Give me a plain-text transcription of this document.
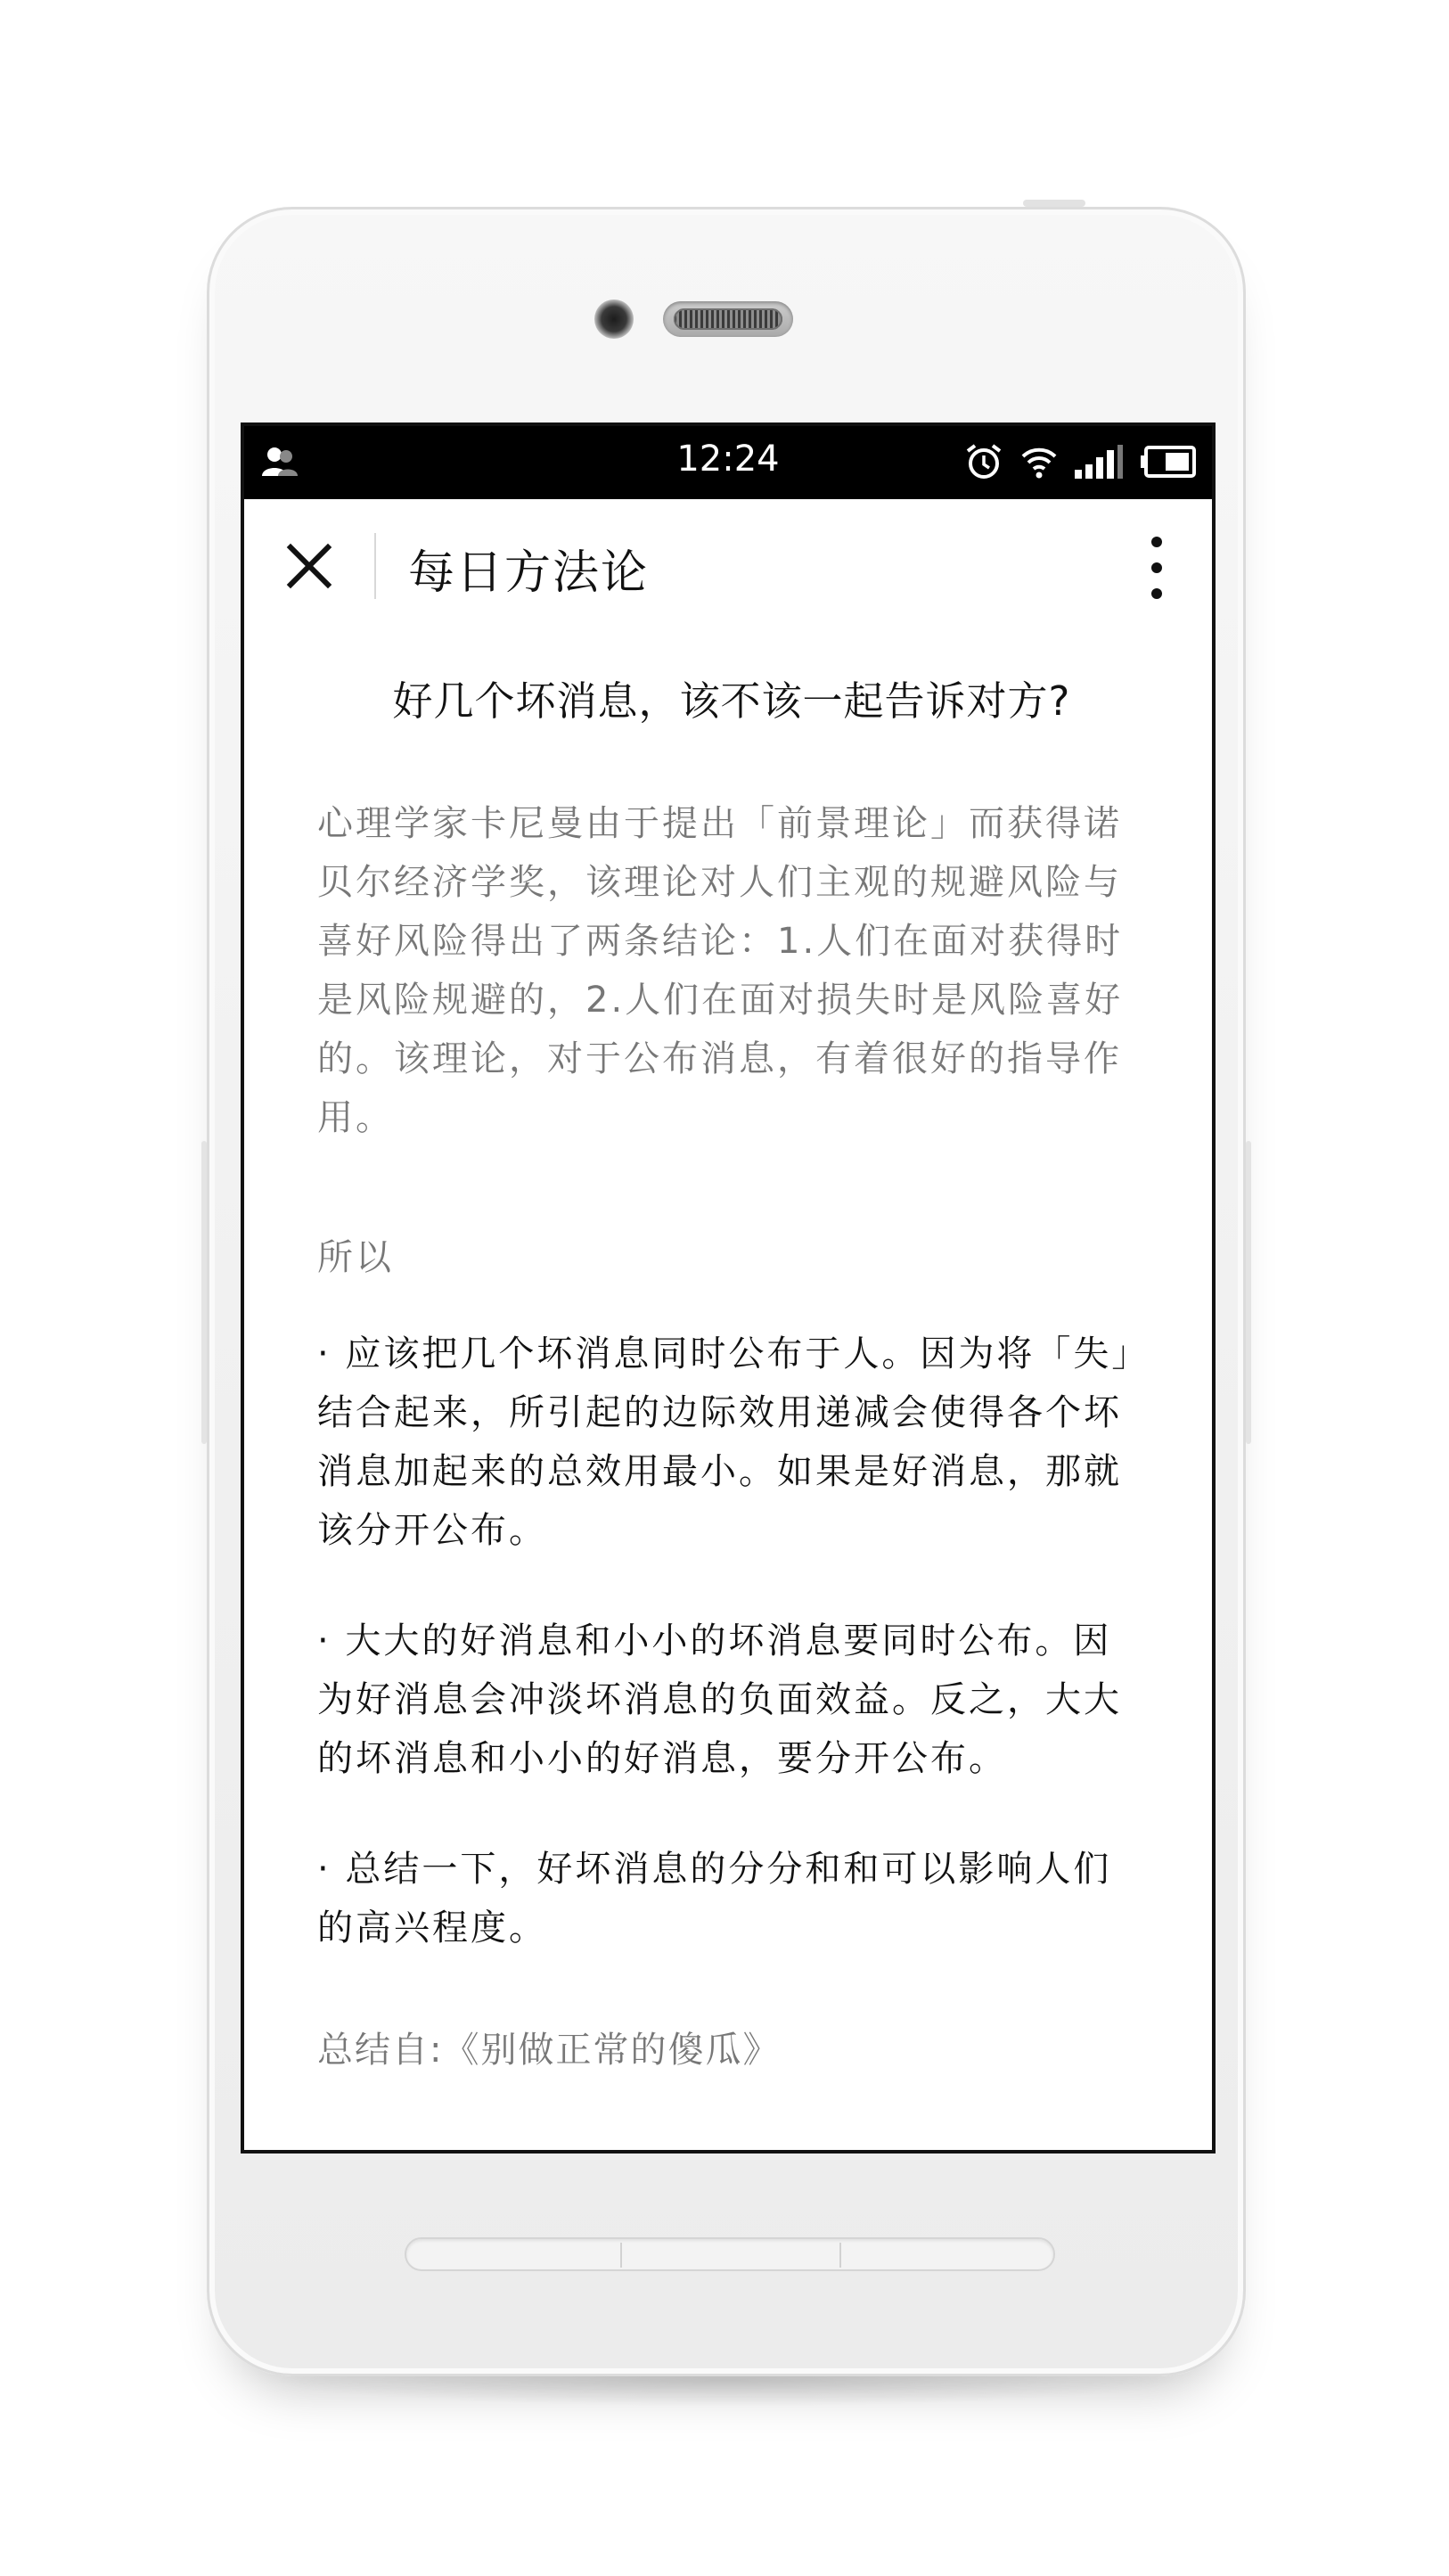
12:24
每日方法论
好几个坏消息，该不该一起告诉对方?
心理学家卡尼曼由于提出「前景理论」而获得诺贝尔经济学奖，该理论对人们主观的规避风险与喜好风险得出了两条结论：1.人们在面对获得时是风险规避的，2.人们在面对损失时是风险喜好的。该理论，对于公布消息，有着很好的指导作用。
所以
· 应该把几个坏消息同时公布于人。因为将「失」结合起来，所引起的边际效用递减会使得各个坏消息加起来的总效用最小。如果是好消息，那就该分开公布。
· 大大的好消息和小小的坏消息要同时公布。因为好消息会冲淡坏消息的负面效益。反之，大大的坏消息和小小的好消息，要分开公布。
· 总结一下，好坏消息的分分和和可以影响人们的高兴程度。
总结自:《别做正常的傻瓜》
